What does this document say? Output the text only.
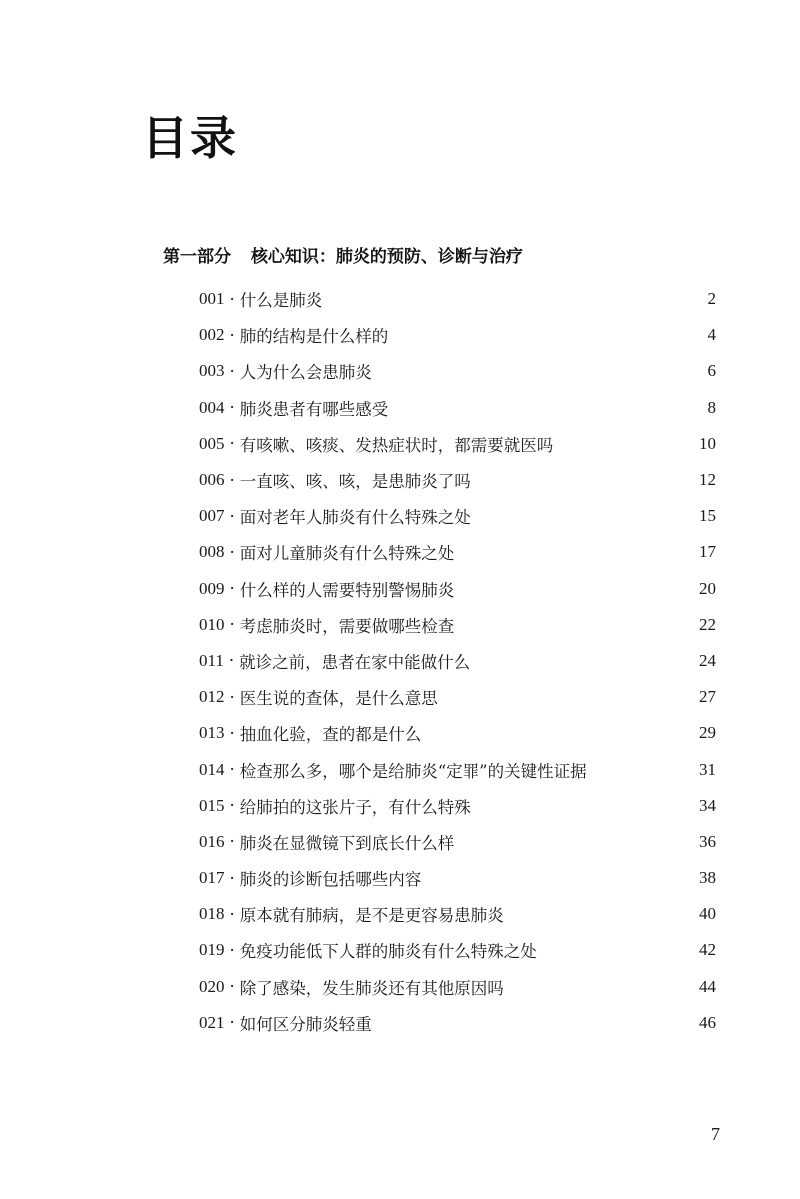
目录
第一部分 核心知识：肺炎的预防、诊断与治疗
001 · 什么是肺炎	2
002 · 肺的结构是什么样的	4
003 · 人为什么会患肺炎	6
004 · 肺炎患者有哪些感受	8
005 · 有咳嗽、咳痰、发热症状时，都需要就医吗	10
006 · 一直咳、咳、咳，是患肺炎了吗	12
007 · 面对老年人肺炎有什么特殊之处	15
008 · 面对儿童肺炎有什么特殊之处	17
009 · 什么样的人需要特别警惕肺炎	20
010 · 考虑肺炎时，需要做哪些检查	22
011 · 就诊之前，患者在家中能做什么	24
012 · 医生说的查体，是什么意思	27
013 · 抽血化验，查的都是什么	29
014 · 检查那么多，哪个是给肺炎“定罪”的关键性证据	31
015 · 给肺拍的这张片子，有什么特殊	34
016 · 肺炎在显微镜下到底长什么样	36
017 · 肺炎的诊断包括哪些内容	38
018 · 原本就有肺病，是不是更容易患肺炎	40
019 · 免疫功能低下人群的肺炎有什么特殊之处	42
020 · 除了感染，发生肺炎还有其他原因吗	44
021 · 如何区分肺炎轻重	46
7
